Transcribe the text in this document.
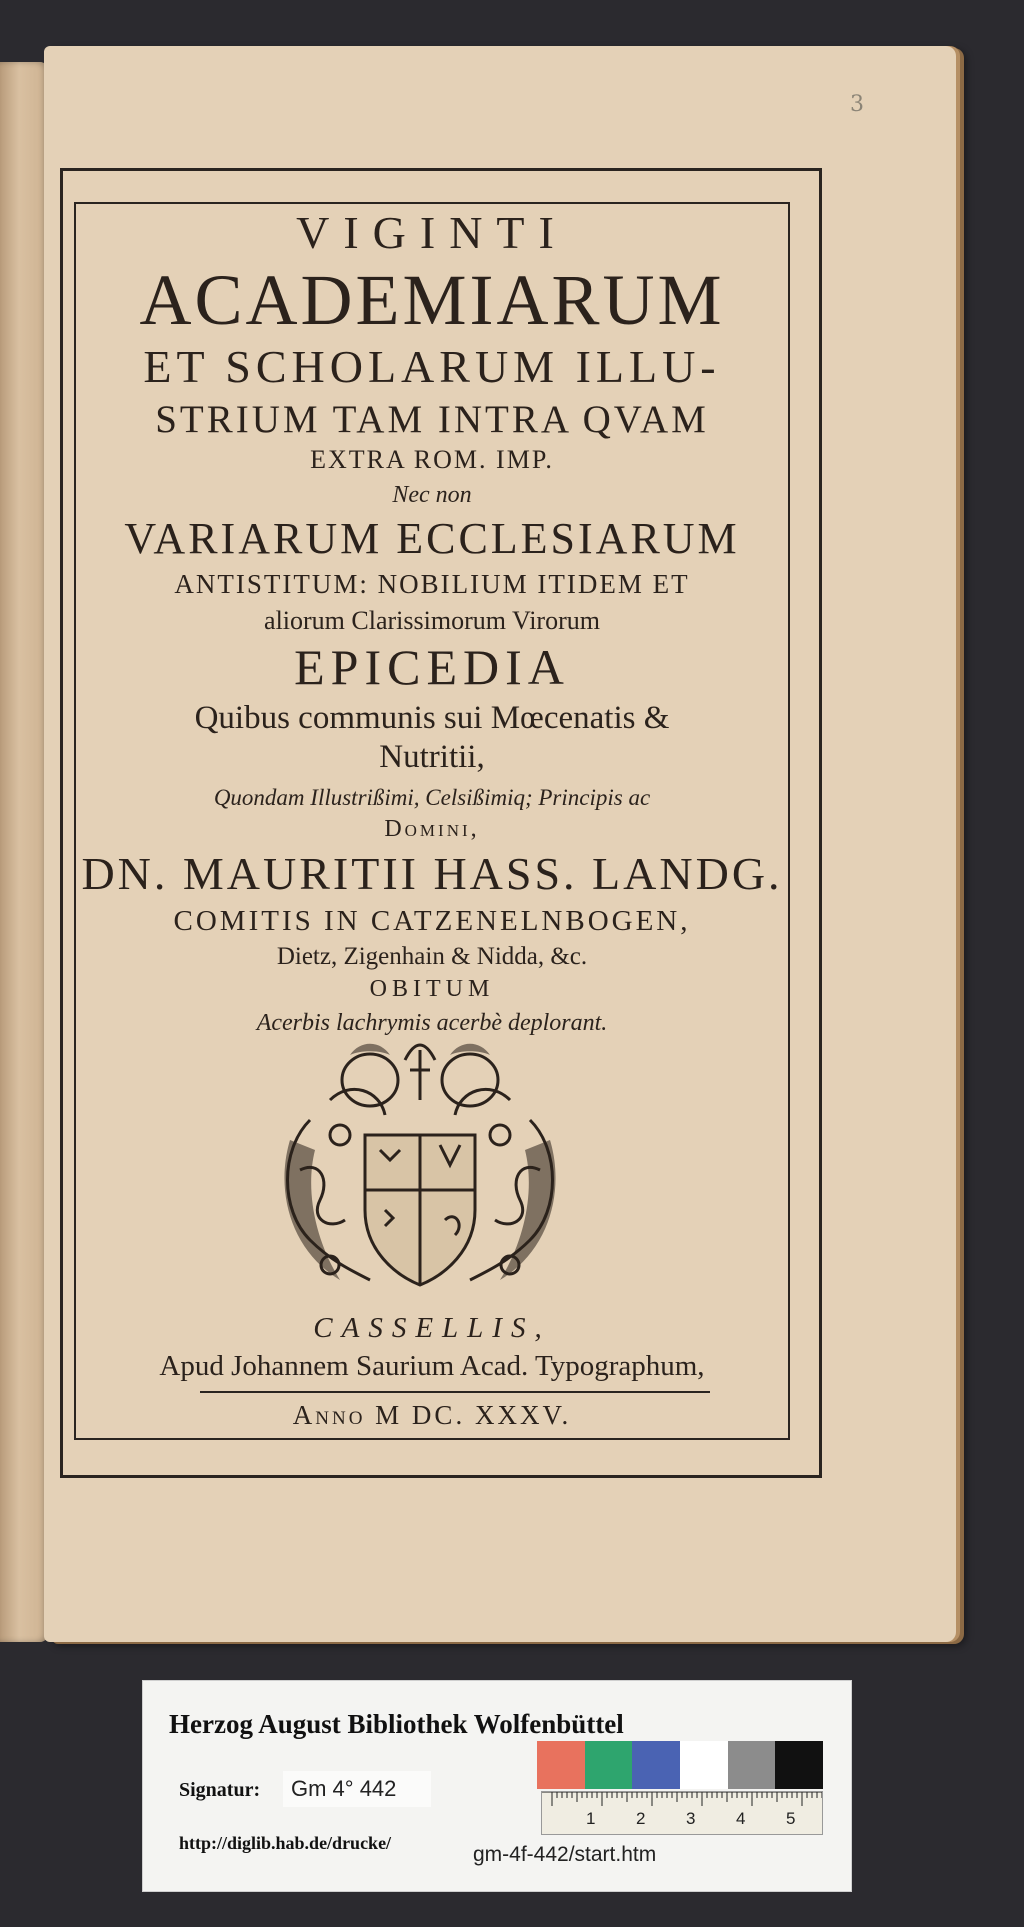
3
VIGINTI
ACADEMIARUM
ET SCHOLARUM ILLU-
STRIUM TAM INTRA QVAM
EXTRA ROM. IMP.
Nec non
VARIARUM ECCLESIARUM
ANTISTITUM: NOBILIUM ITIDEM ET
aliorum Clarissimorum Virorum
EPICEDIA
Quibus communis sui Mœcenatis &
Nutritii,
Quondam Illustrißimi, Celsißimiq; Principis ac
Domini,
DN. MAURITII HASS. LANDG.
COMITIS IN CATZENELNBOGEN,
Dietz, Zigenhain & Nidda, &c.
OBITUM
Acerbis lachrymis acerbè deplorant.
CASSELLIS,
Apud Johannem Saurium Acad. Typographum,
Anno M DC. XXXV.
Herzog August Bibliothek Wolfenbüttel
Signatur:	Gm 4° 442
http://diglib.hab.de/drucke/	gm-4f-442/start.htm
1 2 3 4 5
